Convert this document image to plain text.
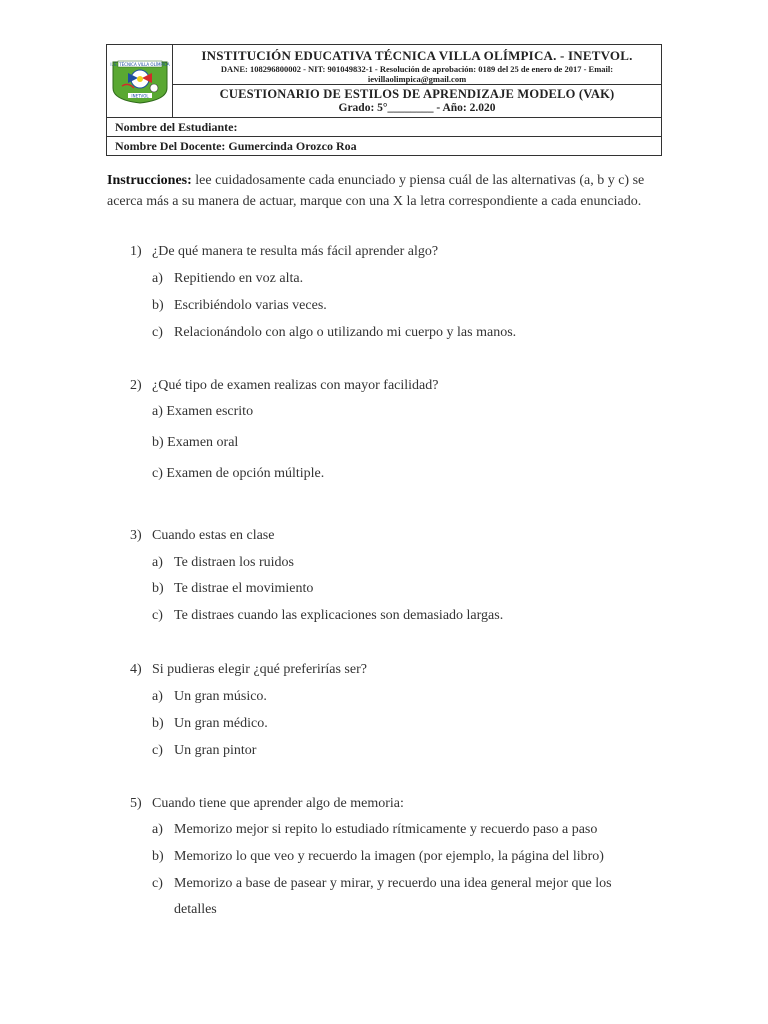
I. E. TÉCNICA VILLA OLÍMPICA
INETVOL
INSTITUCIÓN EDUCATIVA TÉCNICA VILLA OLÍMPICA. - INETVOL.
DANE: 108296800002 - NIT: 901049832-1 - Resolución de aprobación: 0189 del 25 de enero de 2017 - Email: ievillaolimpica@gmail.com
CUESTIONARIO DE ESTILOS DE APRENDIZAJE MODELO (VAK)
Grado: 5°________ - Año: 2.020
Nombre del Estudiante:
Nombre Del Docente: Gumercinda Orozco Roa
Instrucciones: lee cuidadosamente cada enunciado y piensa cuál de las alternativas (a, b y c) se acerca más a su manera de actuar, marque con una X la letra correspondiente a cada enunciado.
1) ¿De qué manera te resulta más fácil aprender algo?
a) Repitiendo en voz alta.
b) Escribiéndolo varias veces.
c) Relacionándolo con algo o utilizando mi cuerpo y las manos.
2) ¿Qué tipo de examen realizas con mayor facilidad?
a) Examen escrito
b) Examen oral
c) Examen de opción múltiple.
3) Cuando estas en clase
a) Te distraen los ruidos
b) Te distrae el movimiento
c) Te distraes cuando las explicaciones son demasiado largas.
4) Si pudieras elegir ¿qué preferirías ser?
a) Un gran músico.
b) Un gran médico.
c) Un gran pintor
5) Cuando tiene que aprender algo de memoria:
a) Memorizo mejor si repito lo estudiado rítmicamente y recuerdo paso a paso
b) Memorizo lo que veo y recuerdo la imagen (por ejemplo, la página del libro)
c) Memorizo a base de pasear y mirar, y recuerdo una idea general mejor que los detalles
